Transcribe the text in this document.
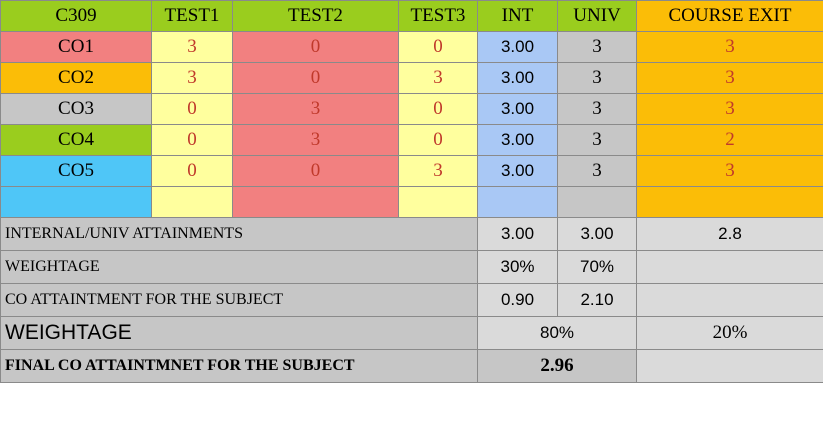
C309	TEST1	TEST2	TEST3	INT	UNIV	COURSE EXIT
CO1	3	0	0	3.00	3	3
CO2	3	0	3	3.00	3	3
CO3	0	3	0	3.00	3	3
CO4	0	3	0	3.00	3	2
CO5	0	0	3	3.00	3	3

INTERNAL/UNIV ATTAINMENTS				3.00	3.00	2.8
WEIGHTAGE				30%	70%	
CO ATTAINTMENT FOR THE SUBJECT				0.90	2.10	
WEIGHTAGE				80%		20%
FINAL CO ATTAINTMNET FOR THE SUBJECT				2.96		
